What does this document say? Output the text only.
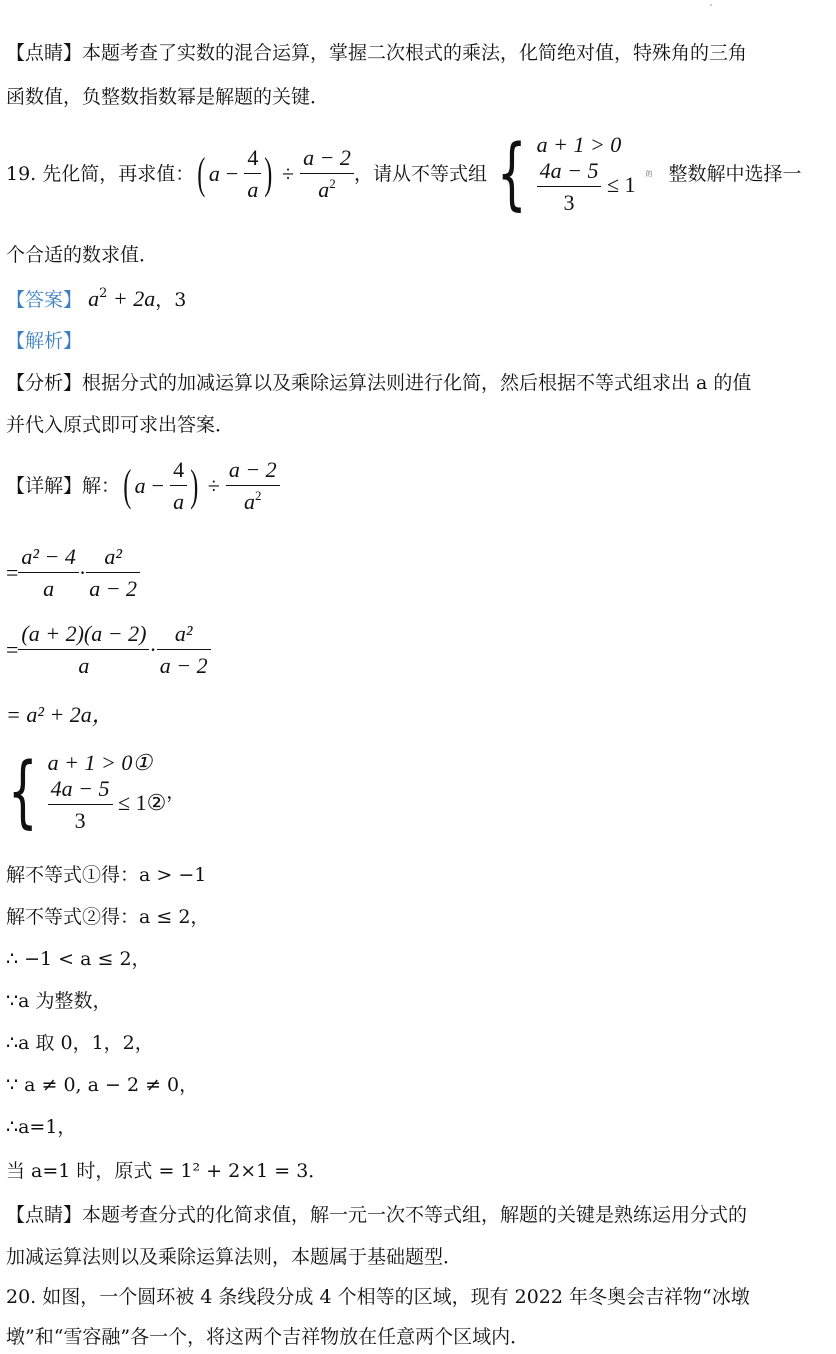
【点睛】本题考查了实数的混合运算，掌握二次根式的乘法，化简绝对值，特殊角的三角
函数值，负整数指数幂是解题的关键．
19. 先化简，再求值： ( $a - \frac{4}{a}$ ) ÷ $\frac{a - 2}{a^2}$ ，请从不等式组 { a + 1 > 0
$\frac{4a - 5}{3} \le 1$ 的 整数解中选择一
个合适的数求值．
【答案】 $a^2 + 2a$，3
【解析】
【分析】根据分式的加减运算以及乘除运算法则进行化简，然后根据不等式组求出 a 的值
并代入原式即可求出答案．
【详解】解： ( $a - \frac{4}{a}$ ) ÷ $\frac{a - 2}{a^2}$
= $\frac{\text{a² − 4}}{a} \cdot \frac{\text{a²}}{a - 2}$
= $\frac{(a + 2)(a - 2)}{a} \cdot \frac{\text{a²}}{a - 2}$
= a² + 2a，
{ a + 1 > 0①
$\frac{4a - 5}{3}$ ≤ 1② ，
解不等式①得：a > −1
解不等式②得：a ≤ 2，
∴ −1 < a ≤ 2，
∵a 为整数，
∴a 取 0，1，2，
∵ a ≠ 0, a − 2 ≠ 0，
∴a=1，
当 a=1 时，原式 = 1² + 2×1 = 3．
【点睛】本题考查分式的化简求值，解一元一次不等式组，解题的关键是熟练运用分式的
加减运算法则以及乘除运算法则，本题属于基础题型．
20. 如图，一个圆环被 4 条线段分成 4 个相等的区域，现有 2022 年冬奥会吉祥物“冰墩
墩”和“雪容融”各一个，将这两个吉祥物放在任意两个区域内．
